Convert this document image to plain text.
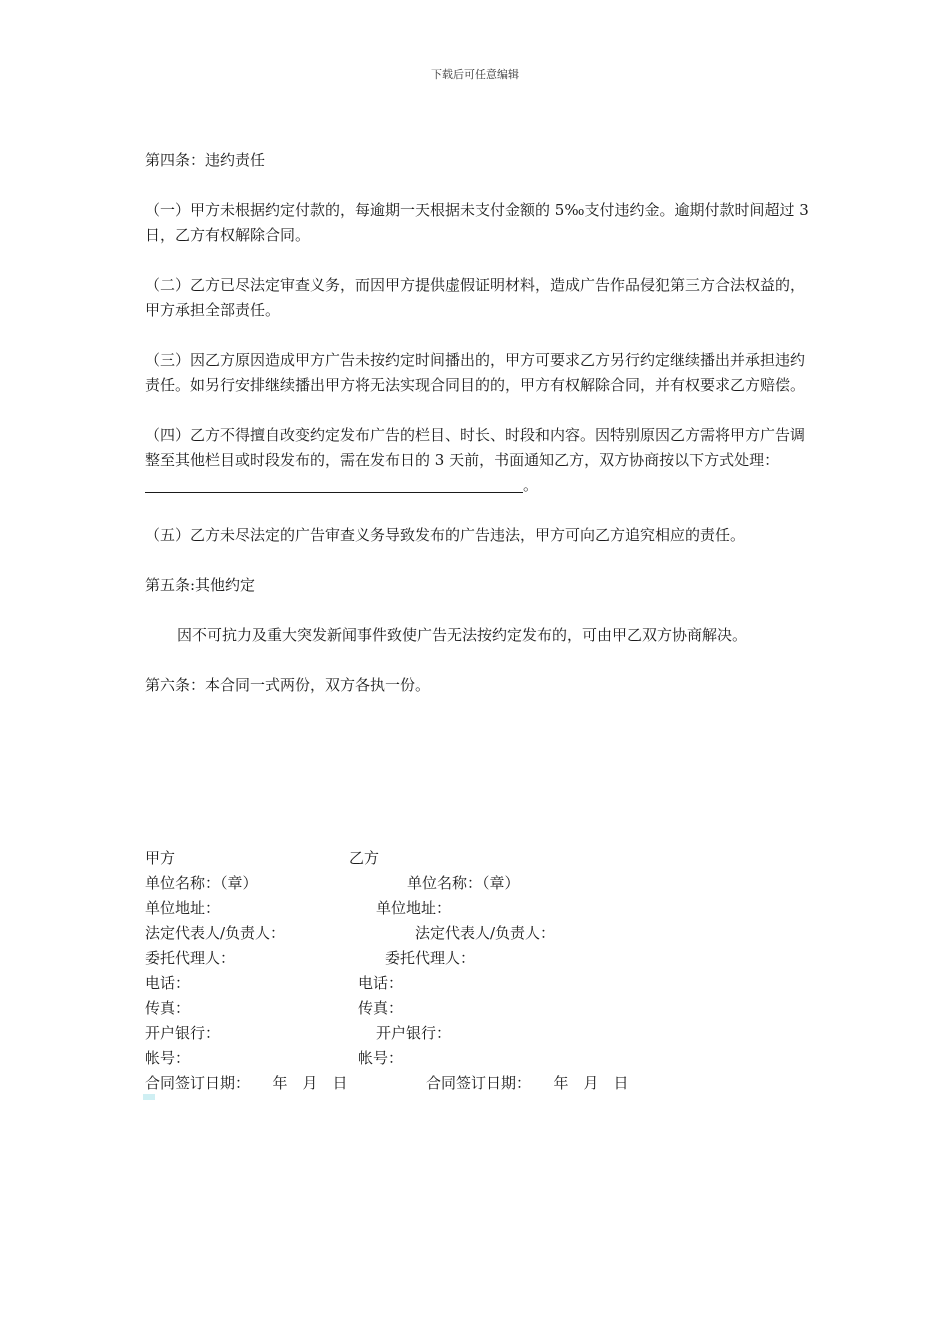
下载后可任意编辑

第四条：违约责任

（一）甲方未根据约定付款的，每逾期一天根据未支付金额的 5‰支付违约金。逾期付款时间超过 3 日，乙方有权解除合同。

（二）乙方已尽法定审查义务，而因甲方提供虚假证明材料，造成广告作品侵犯第三方合法权益的，甲方承担全部责任。

（三）因乙方原因造成甲方广告未按约定时间播出的，甲方可要求乙方另行约定继续播出并承担违约责任。如另行安排继续播出甲方将无法实现合同目的的，甲方有权解除合同，并有权要求乙方赔偿。

（四）乙方不得擅自改变约定发布广告的栏目、时长、时段和内容。因特别原因乙方需将甲方广告调整至其他栏目或时段发布的，需在发布日的 3 天前，书面通知乙方，双方协商按以下方式处理：。

（五）乙方未尽法定的广告审查义务导致发布的广告违法，甲方可向乙方追究相应的责任。

第五条:其他约定

因不可抗力及重大突发新闻事件致使广告无法按约定发布的，可由甲乙双方协商解决。

第六条：本合同一式两份，双方各执一份。

甲方	乙方
单位名称：（章）	单位名称：（章）
单位地址：	单位地址：
法定代表人/负责人：	法定代表人/负责人：
委托代理人：	委托代理人：
电话：	电话：
传真：	传真：
开户银行：	开户银行：
帐号：	帐号：
合同签订日期：　　年　月　日	合同签订日期：　　年　月　日
